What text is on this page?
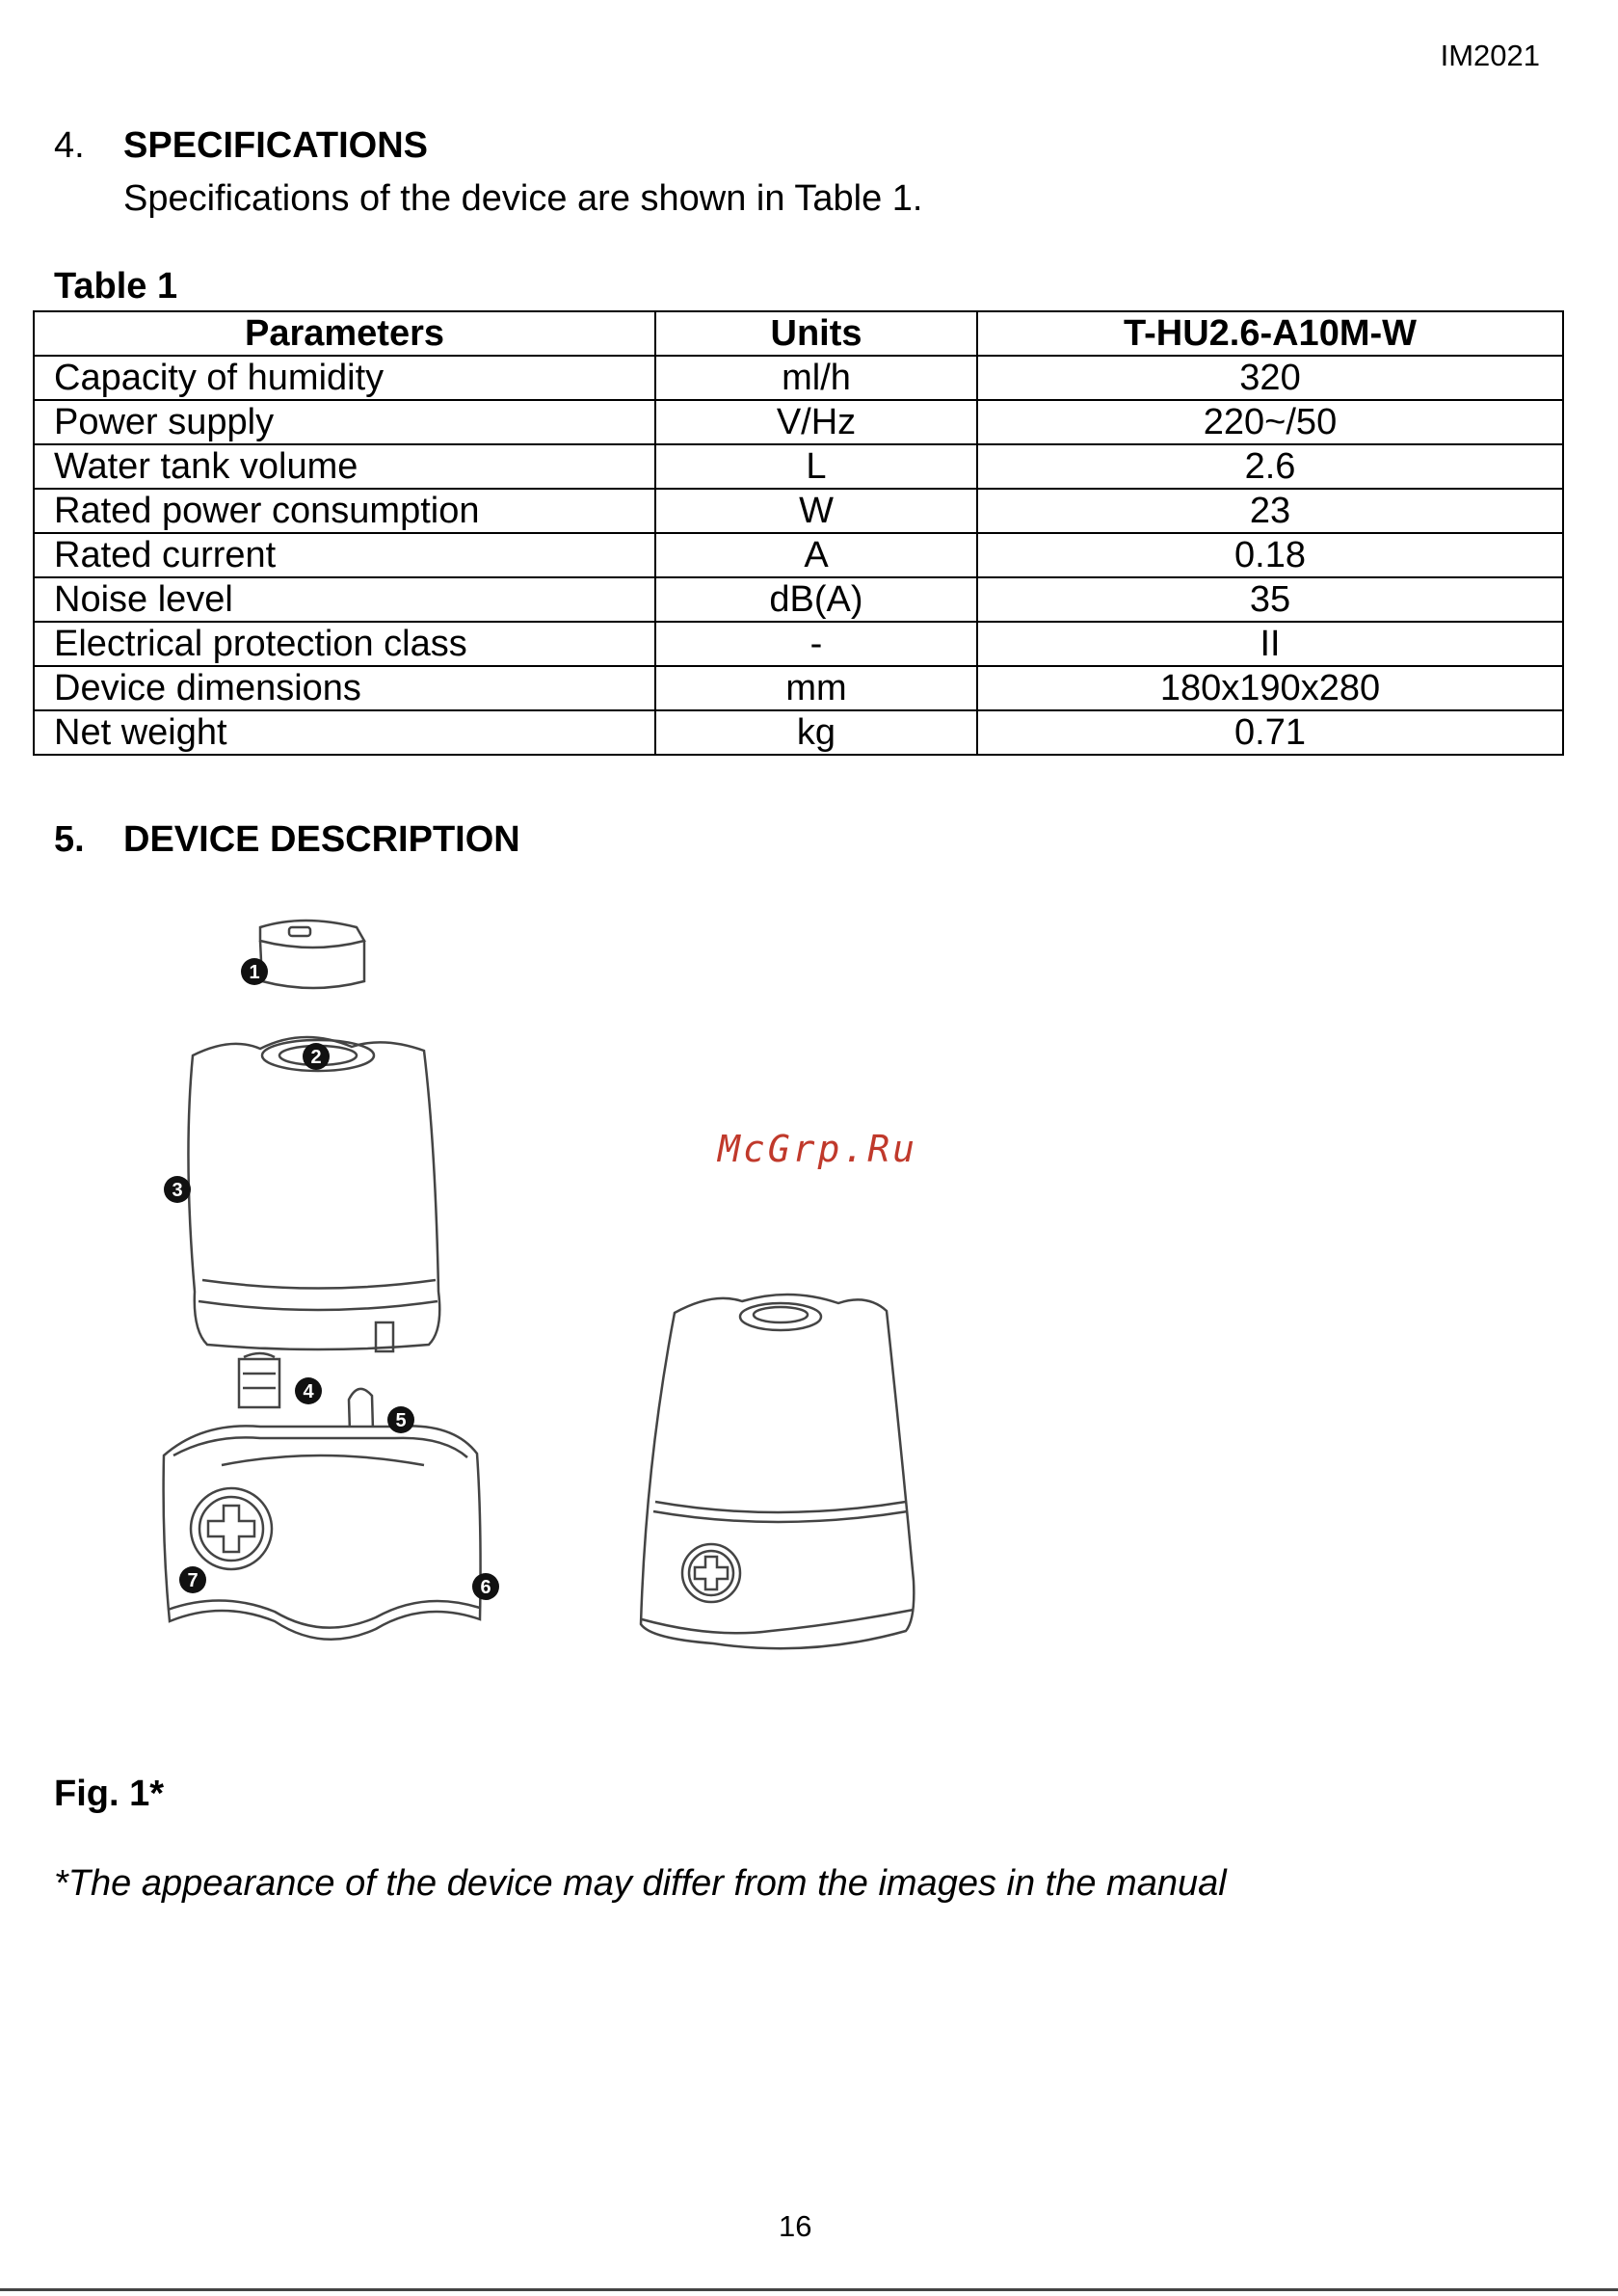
IM2021
4. SPECIFICATIONS
Specifications of the device are shown in Table 1.
Table 1
Parameters	Units	T-HU2.6-A10M-W
Capacity of humidity	ml/h	320
Power supply	V/Hz	220~/50
Water tank volume	L	2.6
Rated power consumption	W	23
Rated current	A	0.18
Noise level	dB(A)	35
Electrical protection class	-	II
Device dimensions	mm	180x190x280
Net weight	kg	0.71
5. DEVICE DESCRIPTION
1
2
3
4
5
6
7
McGrp.Ru
Fig. 1*
*The appearance of the device may differ from the images in the manual
16
